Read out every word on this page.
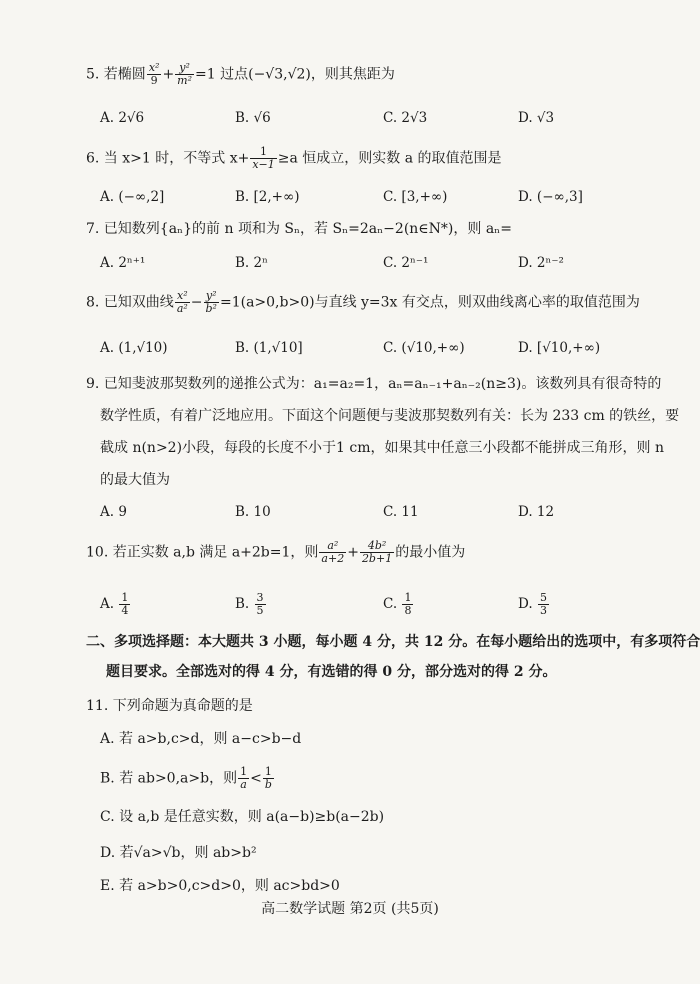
5. 若椭圆 $\frac{\text{x²}}{9} + \frac{\text{y²}}{\text{m²}} =1$ 过点(−√3,√2)，则其焦距为
A. 2√6	B. √6	C. 2√3	D. √3
6. 当 x>1 时，不等式 $x+ \frac{1}{x-1} \ge a$ 恒成立，则实数 a 的取值范围是
A. (−∞,2]	B. [2,+∞)	C. [3,+∞)	D. (−∞,3]
7. 已知数列{aₙ}的前 n 项和为 Sₙ，若 Sₙ=2aₙ−2(n∈N*)，则 aₙ=
A. 2ⁿ⁺¹	B. 2ⁿ	C. 2ⁿ⁻¹	D. 2ⁿ⁻²
8. 已知双曲线 $\frac{\text{x²}}{\text{a²}} - \frac{\text{y²}}{\text{b²}} =1(a>0,b>0)$与直线 y=3x 有交点，则双曲线离心率的取值范围为
A. (1,√10)	B. (1,√10]	C. (√10,+∞)	D. [√10,+∞)
9. 已知斐波那契数列的递推公式为：a₁=a₂=1，aₙ=aₙ₋₁+aₙ₋₂(n≥3)。该数列具有很奇特的
数学性质，有着广泛地应用。下面这个问题便与斐波那契数列有关：长为 233 cm 的铁丝，要
截成 n(n>2)小段，每段的长度不小于1 cm，如果其中任意三小段都不能拼成三角形，则 n
的最大值为
A. 9	B. 10	C. 11	D. 12
10. 若正实数 a,b 满足 a+2b=1，则 $\frac{\text{a²}}{a+2} + \frac{\text{4b²}}{2b+1}$ 的最小值为
A. $\frac{1}{4}$	B. $\frac{3}{5}$	C. $\frac{1}{8}$	D. $\frac{5}{3}$
二、多项选择题：本大题共 3 小题，每小题 4 分，共 12 分。在每小题给出的选项中，有多项符合
题目要求。全部选对的得 4 分，有选错的得 0 分，部分选对的得 2 分。
11. 下列命题为真命题的是
A. 若 a>b,c>d，则 a−c>b−d
B. 若 ab>0,a>b，则 $\frac{1}{a} < \frac{1}{b}$
C. 设 a,b 是任意实数，则 a(a−b)≥b(a−2b)
D. 若√a>√b，则 ab>b²
E. 若 a>b>0,c>d>0，则 ac>bd>0
高二数学试题 第2页 (共5页)
